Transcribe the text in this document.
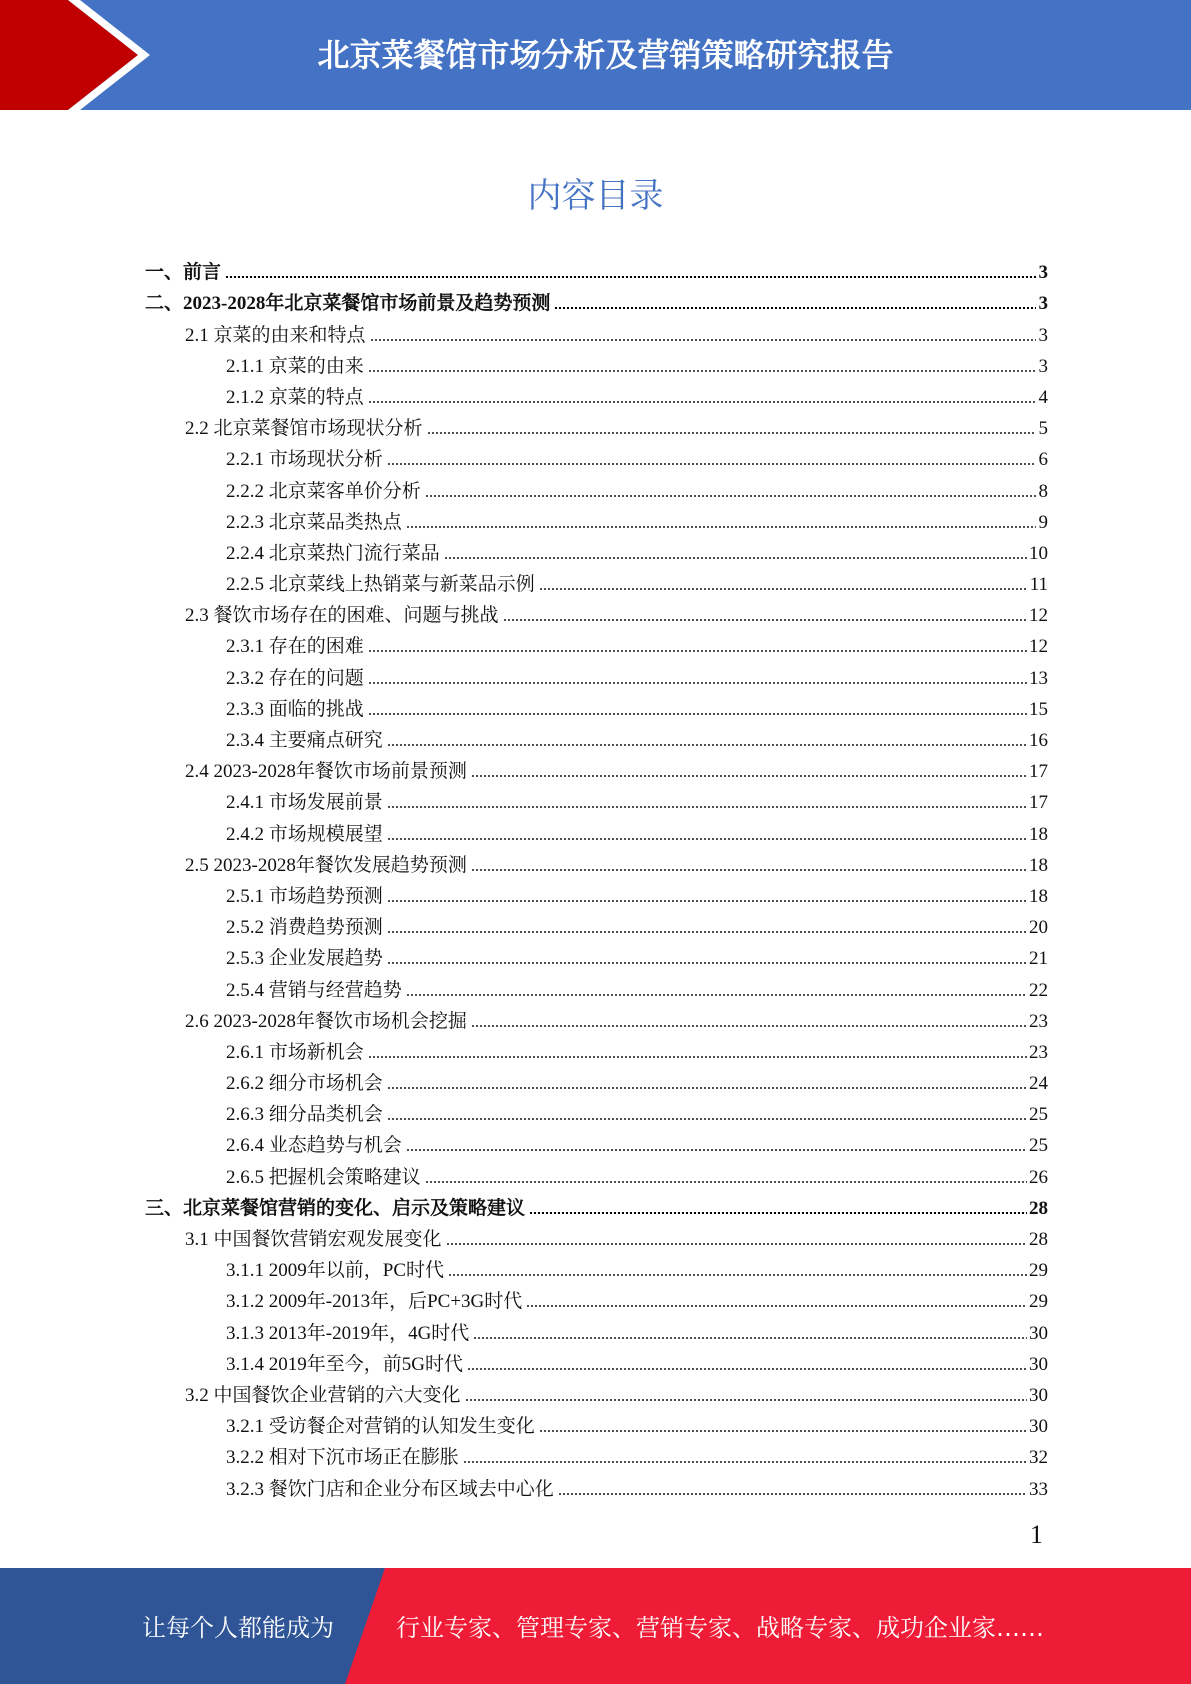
北京菜餐馆市场分析及营销策略研究报告
内容目录
一、前言	3
二、2023-2028年北京菜餐馆市场前景及趋势预测	3
2.1 京菜的由来和特点	3
2.1.1 京菜的由来	3
2.1.2 京菜的特点	4
2.2 北京菜餐馆市场现状分析	5
2.2.1 市场现状分析	6
2.2.2 北京菜客单价分析	8
2.2.3 北京菜品类热点	9
2.2.4 北京菜热门流行菜品	10
2.2.5 北京菜线上热销菜与新菜品示例	11
2.3 餐饮市场存在的困难、问题与挑战	12
2.3.1 存在的困难	12
2.3.2 存在的问题	13
2.3.3 面临的挑战	15
2.3.4 主要痛点研究	16
2.4 2023-2028年餐饮市场前景预测	17
2.4.1 市场发展前景	17
2.4.2 市场规模展望	18
2.5 2023-2028年餐饮发展趋势预测	18
2.5.1 市场趋势预测	18
2.5.2 消费趋势预测	20
2.5.3 企业发展趋势	21
2.5.4 营销与经营趋势	22
2.6 2023-2028年餐饮市场机会挖掘	23
2.6.1 市场新机会	23
2.6.2 细分市场机会	24
2.6.3 细分品类机会	25
2.6.4 业态趋势与机会	25
2.6.5 把握机会策略建议	26
三、北京菜餐馆营销的变化、启示及策略建议	28
3.1 中国餐饮营销宏观发展变化	28
3.1.1 2009年以前，PC时代	29
3.1.2 2009年-2013年，后PC+3G时代	29
3.1.3 2013年-2019年，4G时代	30
3.1.4 2019年至今，前5G时代	30
3.2 中国餐饮企业营销的六大变化	30
3.2.1 受访餐企对营销的认知发生变化	30
3.2.2 相对下沉市场正在膨胀	32
3.2.3 餐饮门店和企业分布区域去中心化	33
1
让每个人都能成为	行业专家、管理专家、营销专家、战略专家、成功企业家……
